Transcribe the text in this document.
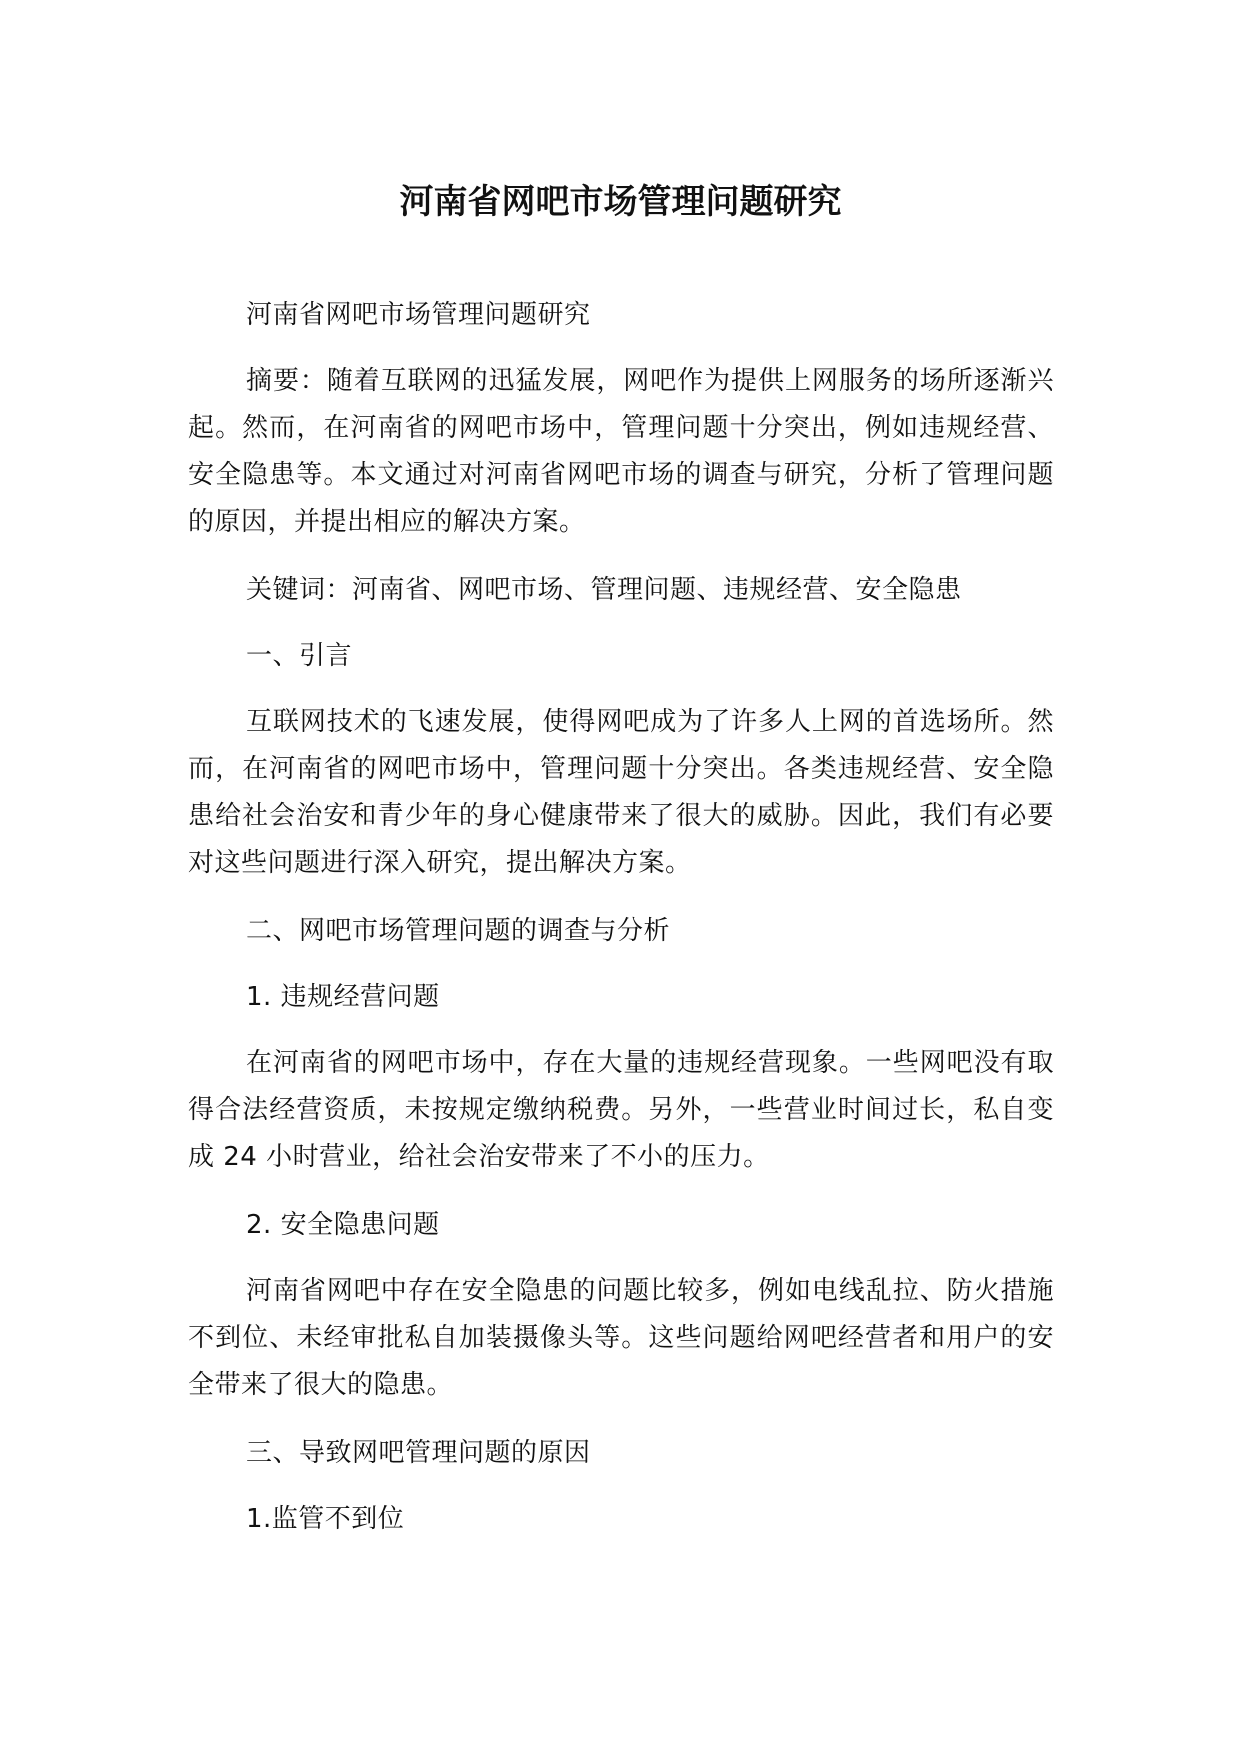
河南省网吧市场管理问题研究

河南省网吧市场管理问题研究

摘要：随着互联网的迅猛发展，网吧作为提供上网服务的场所逐渐兴起。然而，在河南省的网吧市场中，管理问题十分突出，例如违规经营、安全隐患等。本文通过对河南省网吧市场的调查与研究，分析了管理问题的原因，并提出相应的解决方案。

关键词：河南省、网吧市场、管理问题、违规经营、安全隐患

一、引言

互联网技术的飞速发展，使得网吧成为了许多人上网的首选场所。然而，在河南省的网吧市场中，管理问题十分突出。各类违规经营、安全隐患给社会治安和青少年的身心健康带来了很大的威胁。因此，我们有必要对这些问题进行深入研究，提出解决方案。

二、网吧市场管理问题的调查与分析

1. 违规经营问题

在河南省的网吧市场中，存在大量的违规经营现象。一些网吧没有取得合法经营资质，未按规定缴纳税费。另外，一些营业时间过长，私自变成 24 小时营业，给社会治安带来了不小的压力。

2. 安全隐患问题

河南省网吧中存在安全隐患的问题比较多，例如电线乱拉、防火措施不到位、未经审批私自加装摄像头等。这些问题给网吧经营者和用户的安全带来了很大的隐患。

三、导致网吧管理问题的原因

1.监管不到位
